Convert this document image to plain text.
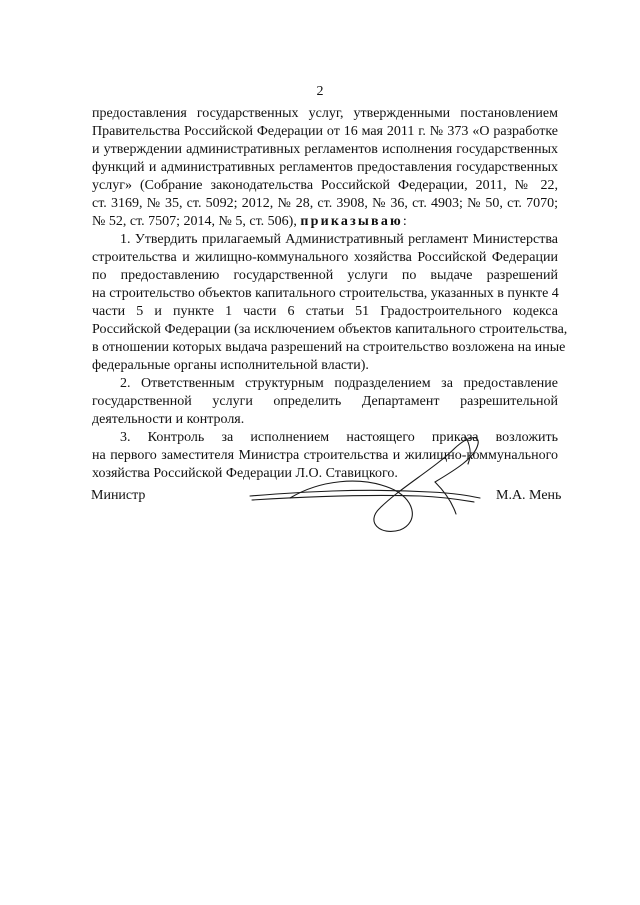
2
предоставления государственных услуг, утвержденными постановлением
Правительства Российской Федерации от 16 мая 2011 г. № 373 «О разработке
и утверждении административных регламентов исполнения государственных
функций и административных регламентов предоставления государственных
услуг» (Собрание законодательства Российской Федерации, 2011, № 22,
ст. 3169, № 35, ст. 5092; 2012, № 28, ст. 3908, № 36, ст. 4903; № 50, ст. 7070;
№ 52, ст. 7507; 2014, № 5, ст. 506), приказываю:
1. Утвердить прилагаемый Административный регламент Министерства
строительства и жилищно-коммунального хозяйства Российской Федерации
по предоставлению государственной услуги по выдаче разрешений
на строительство объектов капитального строительства, указанных в пункте 4
части 5 и пункте 1 части 6 статьи 51 Градостроительного кодекса
Российской Федерации (за исключением объектов капитального строительства,
в отношении которых выдача разрешений на строительство возложена на иные
федеральные органы исполнительной власти).
2. Ответственным структурным подразделением за предоставление
государственной услуги определить Департамент разрешительной
деятельности и контроля.
3. Контроль за исполнением настоящего приказа возложить
на первого заместителя Министра строительства и жилищно-коммунального
хозяйства Российской Федерации Л.О. Ставицкого.
Министр	М.А. Мень
